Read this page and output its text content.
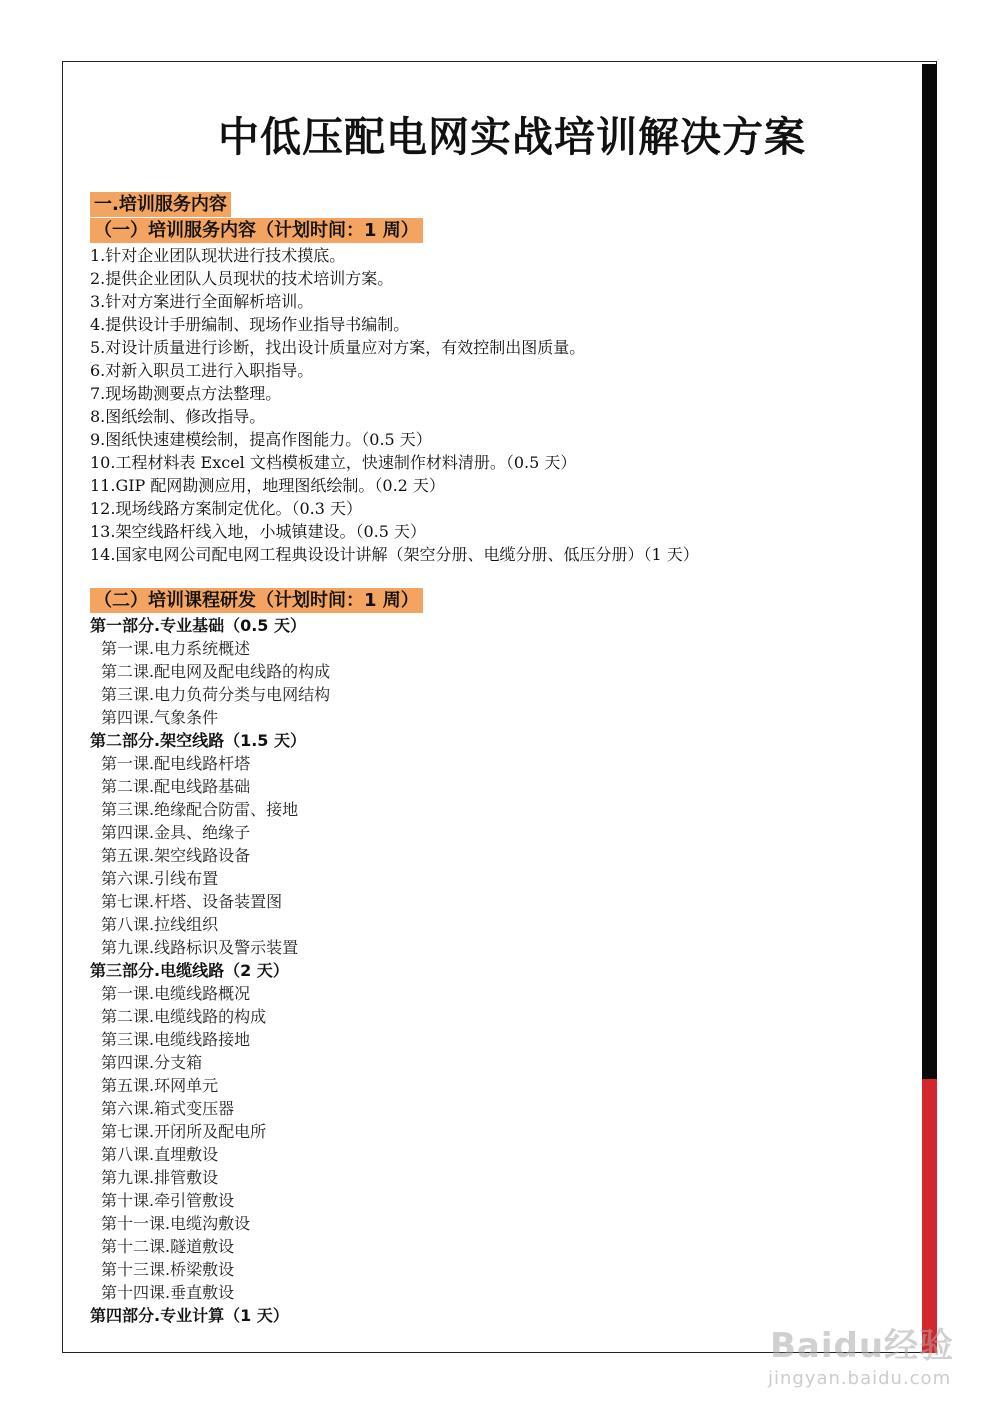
中低压配电网实战培训解决方案
一.培训服务内容
（一）培训服务内容（计划时间：1 周）
1.针对企业团队现状进行技术摸底。
2.提供企业团队人员现状的技术培训方案。
3.针对方案进行全面解析培训。
4.提供设计手册编制、现场作业指导书编制。
5.对设计质量进行诊断，找出设计质量应对方案，有效控制出图质量。
6.对新入职员工进行入职指导。
7.现场勘测要点方法整理。
8.图纸绘制、修改指导。
9.图纸快速建模绘制，提高作图能力。（0.5 天）
10.工程材料表 Excel 文档模板建立，快速制作材料清册。（0.5 天）
11.GIP 配网勘测应用，地理图纸绘制。（0.2 天）
12.现场线路方案制定优化。（0.3 天）
13.架空线路杆线入地，小城镇建设。（0.5 天）
14.国家电网公司配电网工程典设设计讲解（架空分册、电缆分册、低压分册）（1 天）
（二）培训课程研发（计划时间：1 周）
第一部分.专业基础（0.5 天）
第一课.电力系统概述
第二课.配电网及配电线路的构成
第三课.电力负荷分类与电网结构
第四课.气象条件
第二部分.架空线路（1.5 天）
第一课.配电线路杆塔
第二课.配电线路基础
第三课.绝缘配合防雷、接地
第四课.金具、绝缘子
第五课.架空线路设备
第六课.引线布置
第七课.杆塔、设备装置图
第八课.拉线组织
第九课.线路标识及警示装置
第三部分.电缆线路（2 天）
第一课.电缆线路概况
第二课.电缆线路的构成
第三课.电缆线路接地
第四课.分支箱
第五课.环网单元
第六课.箱式变压器
第七课.开闭所及配电所
第八课.直埋敷设
第九课.排管敷设
第十课.牵引管敷设
第十一课.电缆沟敷设
第十二课.隧道敷设
第十三课.桥梁敷设
第十四课.垂直敷设
第四部分.专业计算（1 天）
Baidu经验
jingyan.baidu.com
